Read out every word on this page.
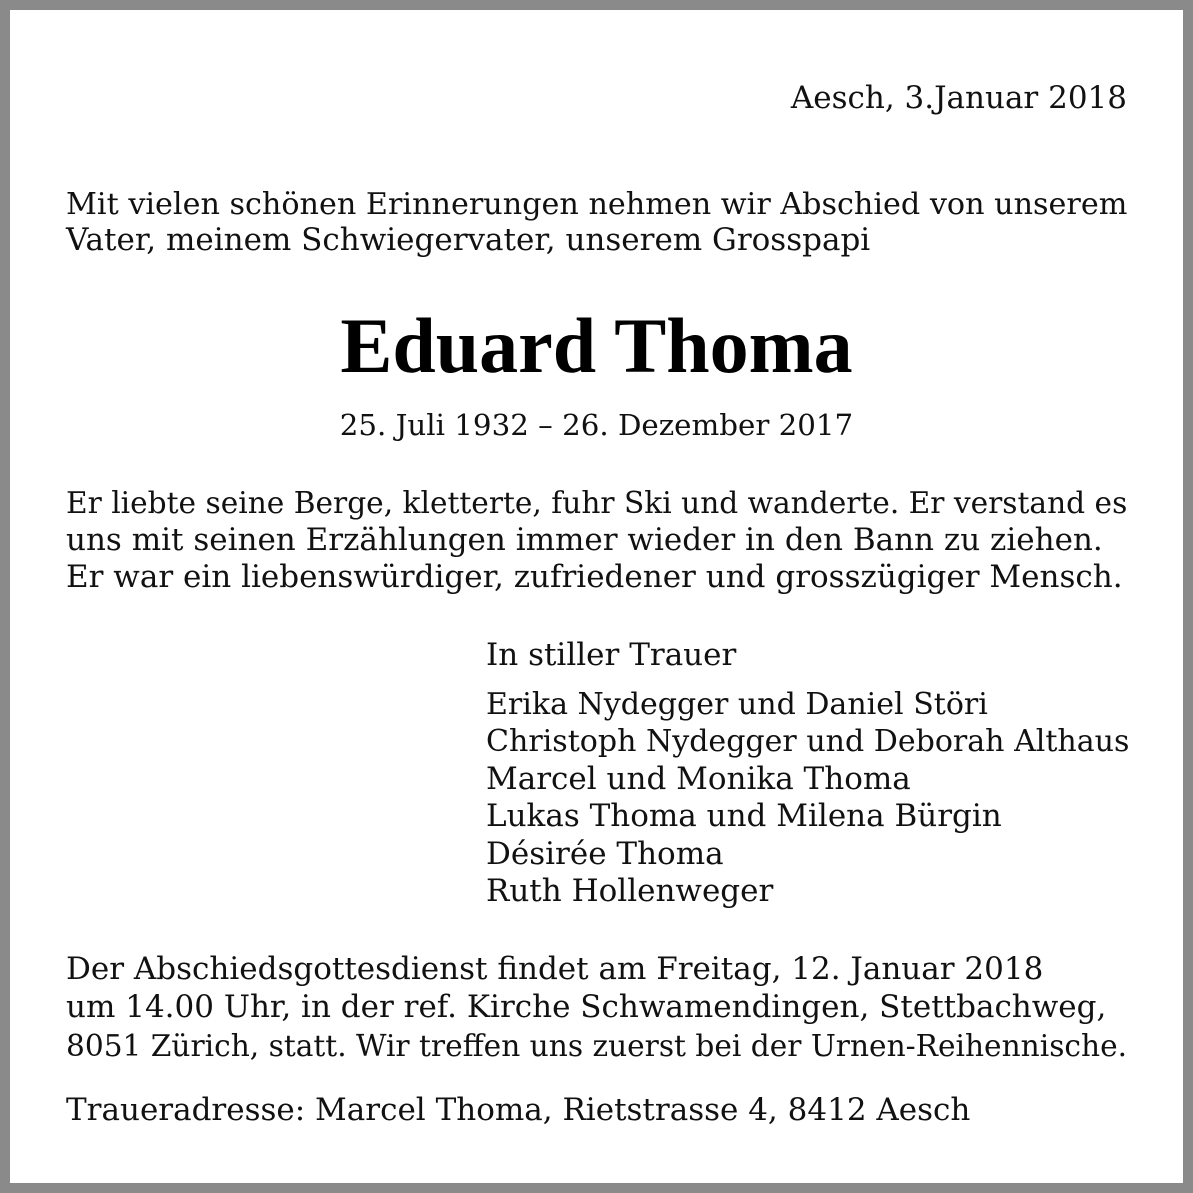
Aesch, 3.Januar 2018
Mit vielen schönen Erinnerungen nehmen wir Abschied von unserem
Vater, meinem Schwiegervater, unserem Grosspapi
Eduard Thoma
25. Juli 1932 – 26. Dezember 2017
Er liebte seine Berge, kletterte, fuhr Ski und wanderte. Er verstand es
uns mit seinen Erzählungen immer wieder in den Bann zu ziehen.
Er war ein liebenswürdiger, zufriedener und grosszügiger Mensch.
In stiller Trauer
Erika Nydegger und Daniel Störi
Christoph Nydegger und Deborah Althaus
Marcel und Monika Thoma
Lukas Thoma und Milena Bürgin
Désirée Thoma
Ruth Hollenweger
Der Abschiedsgottesdienst findet am Freitag, 12. Januar 2018
um 14.00 Uhr, in der ref. Kirche Schwamendingen, Stettbachweg,
8051 Zürich, statt. Wir treffen uns zuerst bei der Urnen-Reihennische.
Traueradresse: Marcel Thoma, Rietstrasse 4, 8412 Aesch
